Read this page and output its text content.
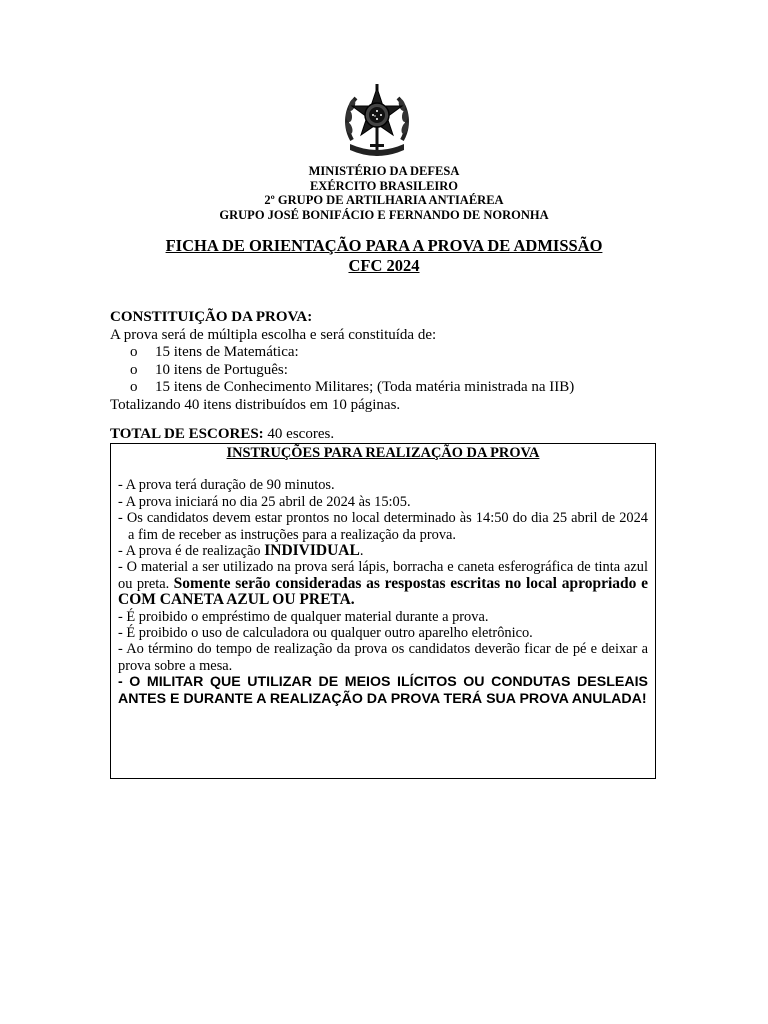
MINISTÉRIO DA DEFESA
EXÉRCITO BRASILEIRO
2º GRUPO DE ARTILHARIA ANTIAÉREA
GRUPO JOSÉ BONIFÁCIO E FERNANDO DE NORONHA
FICHA DE ORIENTAÇÃO PARA A PROVA DE ADMISSÃO
CFC 2024
CONSTITUIÇÃO DA PROVA:
A prova será de múltipla escolha e será constituída de:
o 15 itens de Matemática:
o 10 itens de Português:
o 15 itens de Conhecimento Militares; (Toda matéria ministrada na IIB)
Totalizando 40 itens distribuídos em 10 páginas.
TOTAL DE ESCORES: 40 escores.
INSTRUÇÕES PARA REALIZAÇÃO DA PROVA

- A prova terá duração de 90 minutos.

- A prova iniciará no dia 25 abril de 2024 às 15:05.

- Os candidatos devem estar prontos no local determinado às 14:50 do dia 25 abril de 2024 a fim de receber as instruções para a realização da prova.

- A prova é de realização INDIVIDUAL.

- O material a ser utilizado na prova será lápis, borracha e caneta esferográfica de tinta azul ou preta. Somente serão consideradas as respostas escritas no local apropriado e COM CANETA AZUL OU PRETA.

- É proibido o empréstimo de qualquer material durante a prova.

- É proibido o uso de calculadora ou qualquer outro aparelho eletrônico.

- Ao término do tempo de realização da prova os candidatos deverão ficar de pé e deixar a prova sobre a mesa.

- O MILITAR QUE UTILIZAR DE MEIOS ILÍCITOS OU CONDUTAS DESLEAIS ANTES E DURANTE A REALIZAÇÃO DA PROVA TERÁ SUA PROVA ANULADA!
